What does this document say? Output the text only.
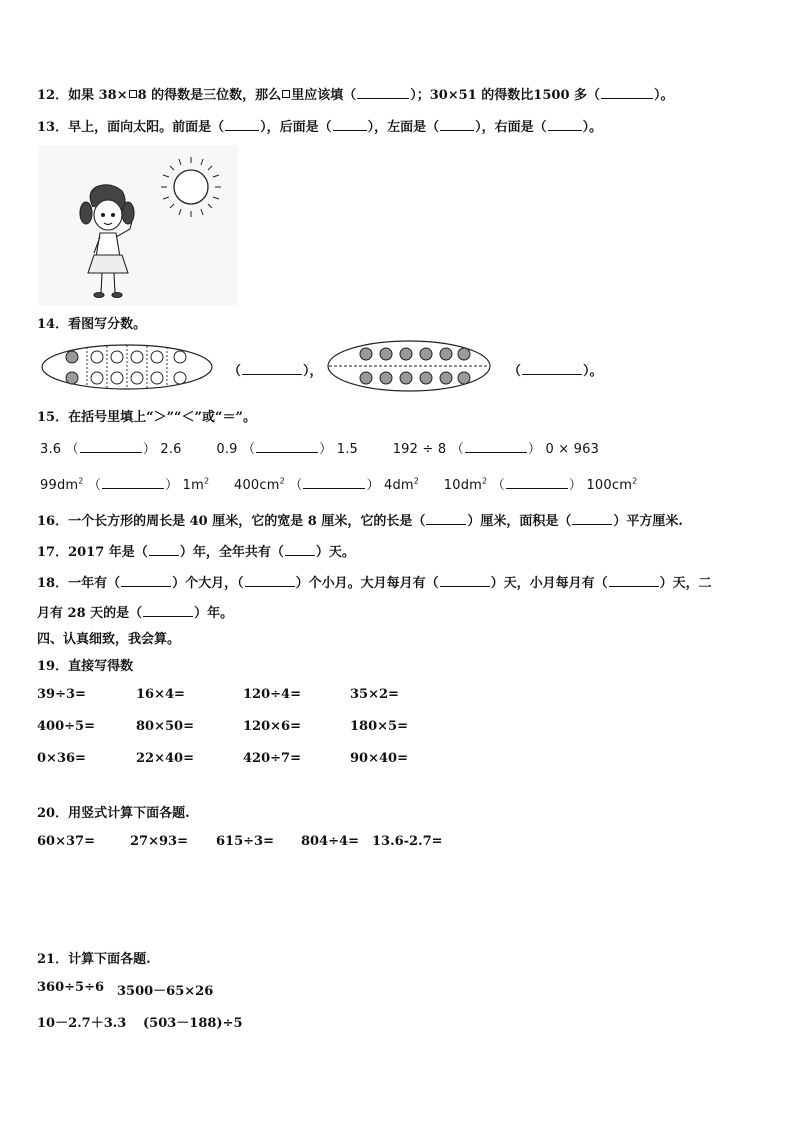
12．如果 38× 8 的得数是三位数，那么 里应该填（	）；30×51 的得数比1500 多（	）。
13．早上，面向太阳。前面是（	），后面是（	），左面是（	），右面是（	）。
14．看图写分数。
（	），	（	）。
15．在括号里填上“＞”“＜”或“＝”。
3.6 （	） 2.6	0.9 （	） 1.5	192 ÷ 8 （	） 0 × 963
$99dm^2$ （	） $1m^2$ $400cm^2$ （	） $4dm^2$ $10dm^2$ （	） $100cm^2$
16．一个长方形的周长是 40 厘米，它的宽是 8 厘米，它的长是（	）厘米，面积是（	）平方厘米.
17．2017 年是（ ）年，全年共有（ ）天。
18．一年有（	）个大月，（	）个小月。大月每月有（	）天，小月每月有（	）天，二
月有 28 天的是（	）年。
四、认真细致，我会算。
19．直接写得数
39÷3=	16×4=	120÷4=	35×2=
400÷5=	80×50=	120×6=	180×5=
0×36=	22×40=	420÷7=	90×40=
20．用竖式计算下面各题.
60×37=	27×93= 615÷3= 804÷4= 13.6-2.7=
21．计算下面各题.
360÷5÷6 3500－65×26
10－2.7＋3.3 (503－188)÷5
